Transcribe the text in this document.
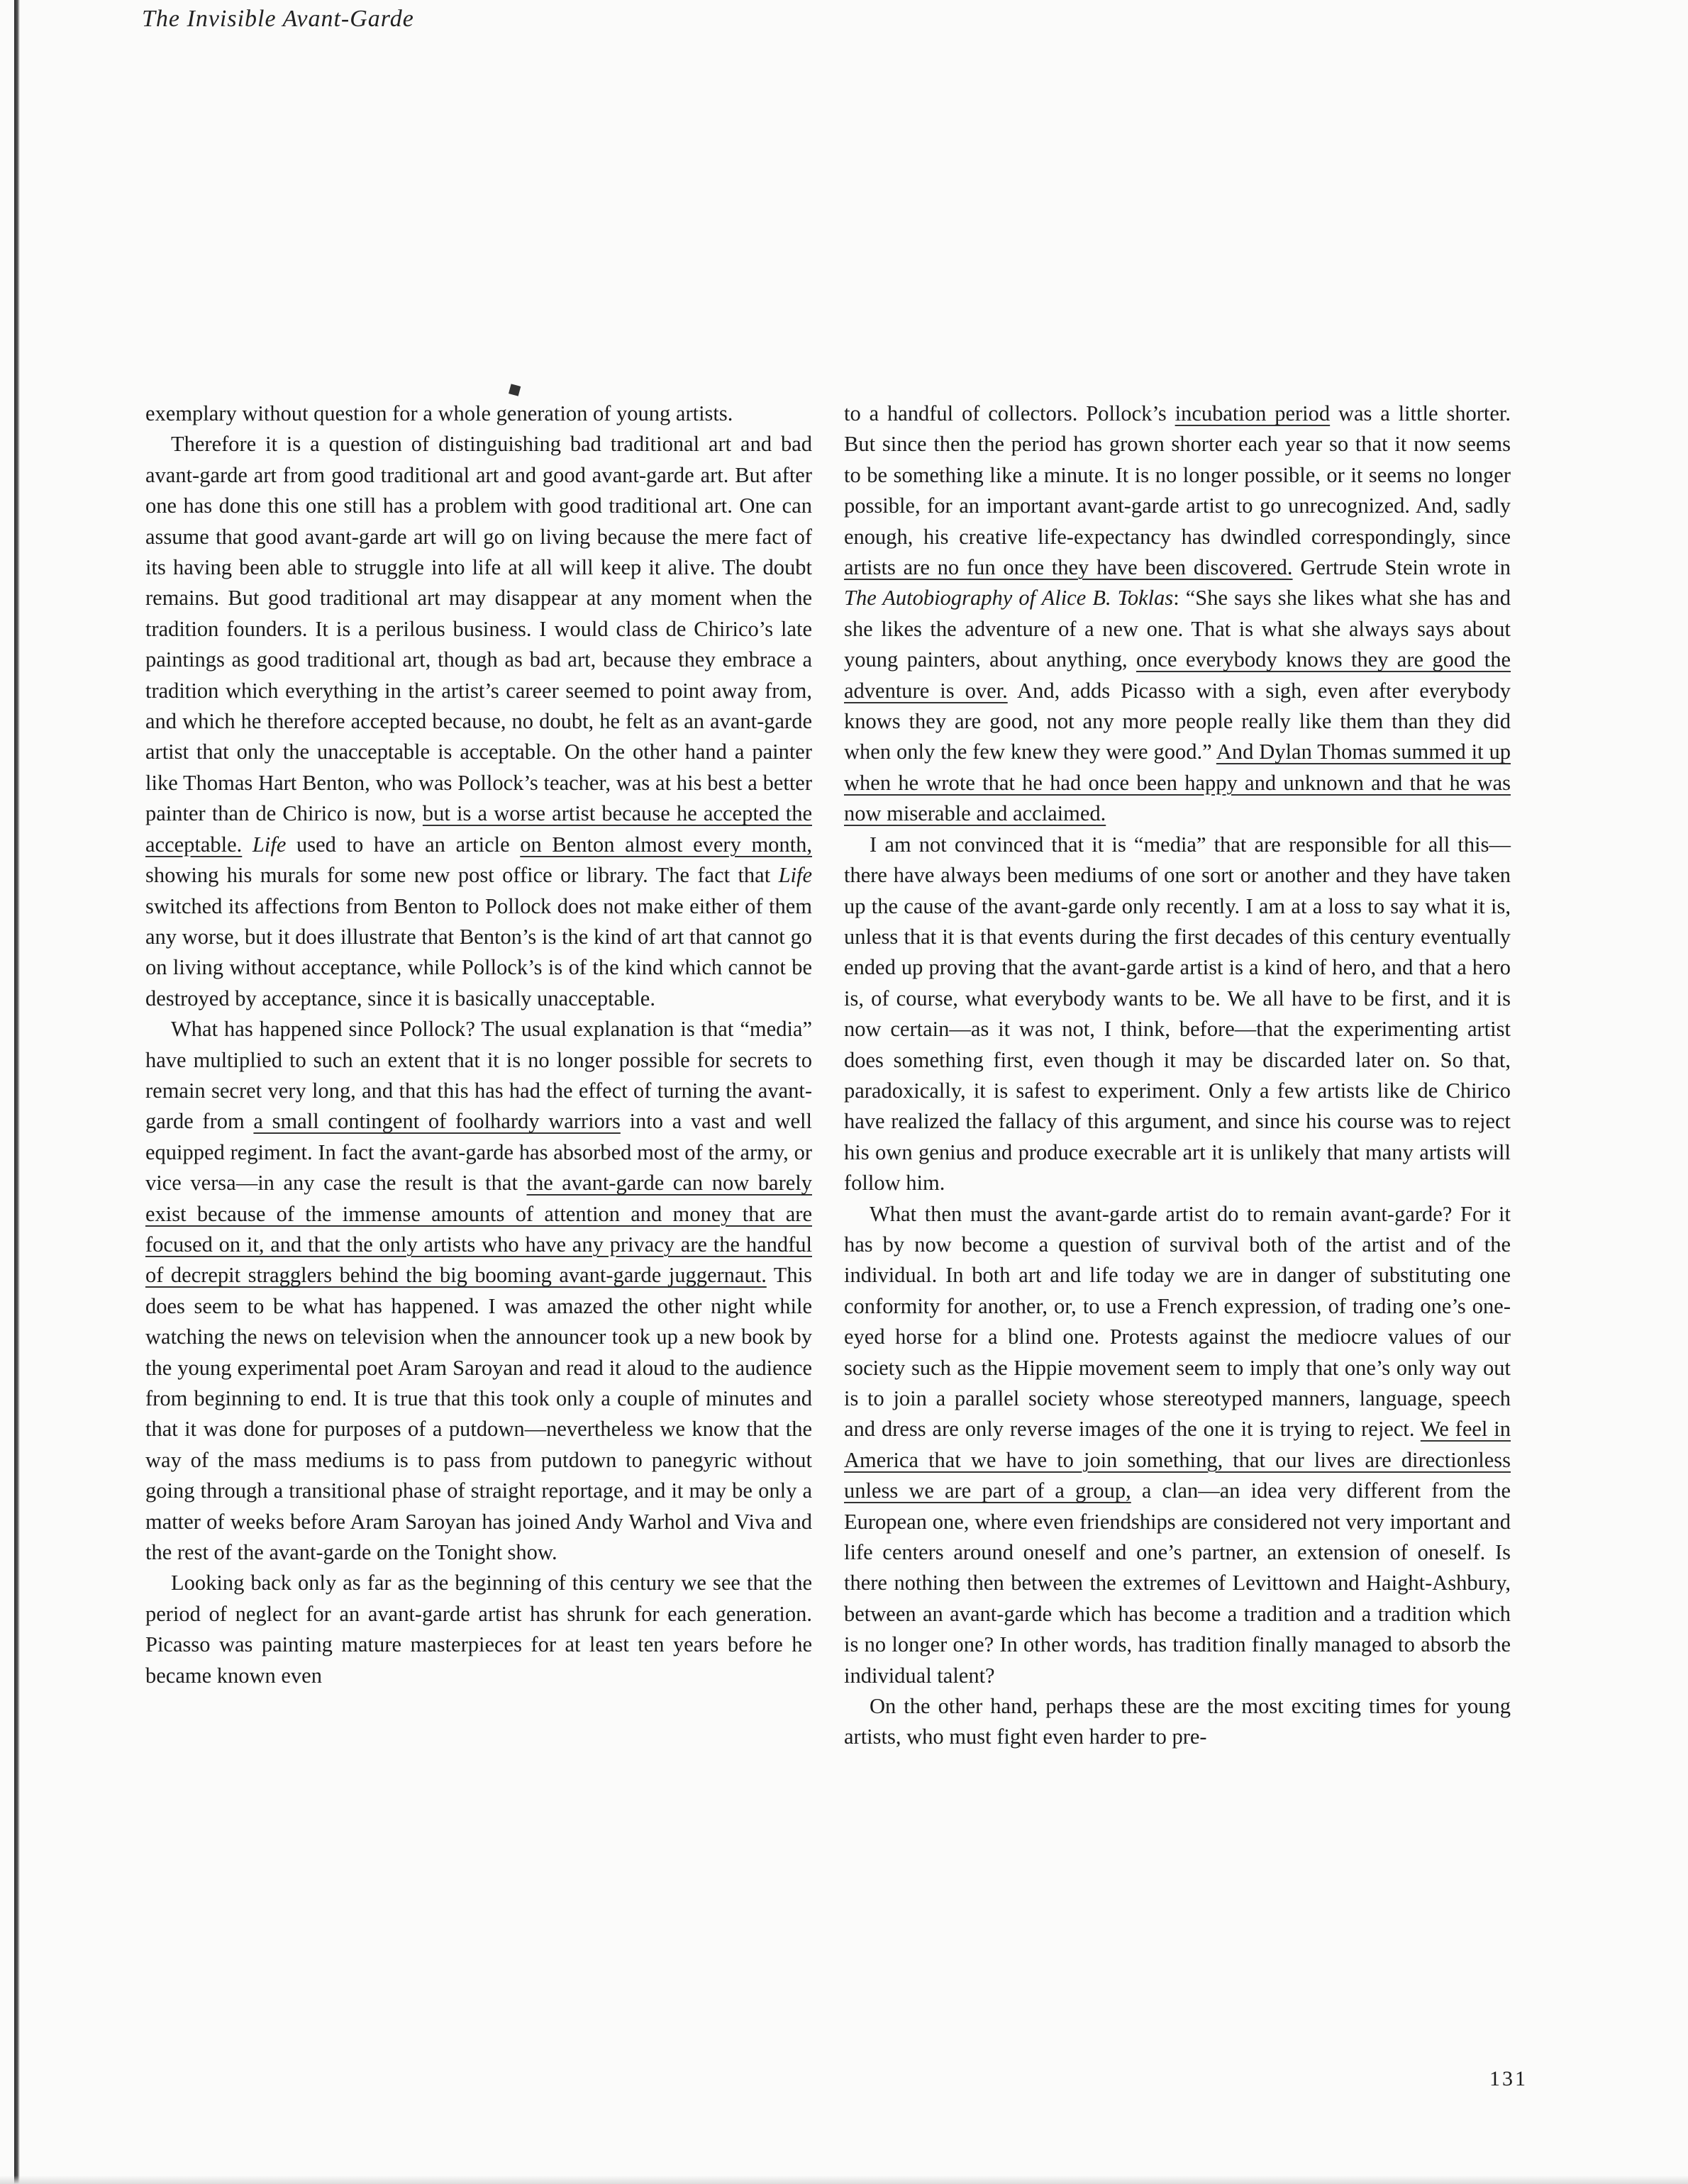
The Invisible Avant-Garde
◆

exemplary without question for a whole generation of young artists.

Therefore it is a question of distinguishing bad traditional art and bad avant-garde art from good traditional art and good avant-garde art. But after one has done this one still has a problem with good traditional art. One can assume that good avant-garde art will go on living because the mere fact of its having been able to struggle into life at all will keep it alive. The doubt remains. But good traditional art may disappear at any moment when the tradition founders. It is a perilous business. I would class de Chirico’s late paintings as good traditional art, though as bad art, because they embrace a tradition which everything in the artist’s career seemed to point away from, and which he therefore accepted because, no doubt, he felt as an avant-garde artist that only the unacceptable is acceptable. On the other hand a painter like Thomas Hart Benton, who was Pollock’s teacher, was at his best a better painter than de Chirico is now, but is a worse artist because he accepted the acceptable. Life used to have an article on Benton almost every month, showing his murals for some new post office or library. The fact that Life switched its affections from Benton to Pollock does not make either of them any worse, but it does illustrate that Benton’s is the kind of art that cannot go on living without acceptance, while Pollock’s is of the kind which cannot be destroyed by acceptance, since it is basically unacceptable.

What has happened since Pollock? The usual explanation is that “media” have multiplied to such an extent that it is no longer possible for secrets to remain secret very long, and that this has had the effect of turning the avant-garde from a small contingent of foolhardy warriors into a vast and well equipped regiment. In fact the avant-garde has absorbed most of the army, or vice versa—in any case the result is that the avant-garde can now barely exist because of the immense amounts of attention and money that are focused on it, and that the only artists who have any privacy are the handful of decrepit stragglers behind the big booming avant-garde juggernaut. This does seem to be what has happened. I was amazed the other night while watching the news on television when the announcer took up a new book by the young experimental poet Aram Saroyan and read it aloud to the audience from beginning to end. It is true that this took only a couple of minutes and that it was done for purposes of a putdown—nevertheless we know that the way of the mass mediums is to pass from putdown to panegyric without going through a transitional phase of straight reportage, and it may be only a matter of weeks before Aram Saroyan has joined Andy Warhol and Viva and the rest of the avant-garde on the Tonight show.

Looking back only as far as the beginning of this century we see that the period of neglect for an avant-garde artist has shrunk for each generation. Picasso was painting mature masterpieces for at least ten years before he became known even

to a handful of collectors. Pollock’s incubation period was a little shorter. But since then the period has grown shorter each year so that it now seems to be something like a minute. It is no longer possible, or it seems no longer possible, for an important avant-garde artist to go unrecognized. And, sadly enough, his creative life-expectancy has dwindled correspondingly, since artists are no fun once they have been discovered. Gertrude Stein wrote in The Autobiography of Alice B. Toklas: “She says she likes what she has and she likes the adventure of a new one. That is what she always says about young painters, about anything, once everybody knows they are good the adventure is over. And, adds Picasso with a sigh, even after everybody knows they are good, not any more people really like them than they did when only the few knew they were good.” And Dylan Thomas summed it up when he wrote that he had once been happy and unknown and that he was now miserable and acclaimed.

I am not convinced that it is “media” that are responsible for all this—there have always been mediums of one sort or another and they have taken up the cause of the avant-garde only recently. I am at a loss to say what it is, unless that it is that events during the first decades of this century eventually ended up proving that the avant-garde artist is a kind of hero, and that a hero is, of course, what everybody wants to be. We all have to be first, and it is now certain—as it was not, I think, before—that the experimenting artist does something first, even though it may be discarded later on. So that, paradoxically, it is safest to experiment. Only a few artists like de Chirico have realized the fallacy of this argument, and since his course was to reject his own genius and produce execrable art it is unlikely that many artists will follow him.

What then must the avant-garde artist do to remain avant-garde? For it has by now become a question of survival both of the artist and of the individual. In both art and life today we are in danger of substituting one conformity for another, or, to use a French expression, of trading one’s one-eyed horse for a blind one. Protests against the mediocre values of our society such as the Hippie movement seem to imply that one’s only way out is to join a parallel society whose stereotyped manners, language, speech and dress are only reverse images of the one it is trying to reject. We feel in America that we have to join something, that our lives are directionless unless we are part of a group, a clan—an idea very different from the European one, where even friendships are considered not very important and life centers around oneself and one’s partner, an extension of oneself. Is there nothing then between the extremes of Levittown and Haight-Ashbury, between an avant-garde which has become a tradition and a tradition which is no longer one? In other words, has tradition finally managed to absorb the individual talent?

On the other hand, perhaps these are the most exciting times for young artists, who must fight even harder to pre-

131
